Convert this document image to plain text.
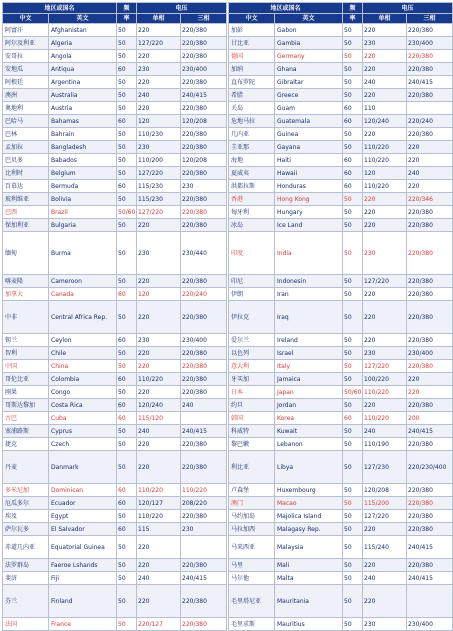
地区或国名		频	电压	
中文	英文	率	单相	三相
阿富汗	Afghanistan	50	220	220/380
阿尔及利亚	Algeria	50	127/220	220/380
安哥拉	Angola	50	220	220/380
安地瓜	Antiqua	60	230	230/400
阿根廷	Argentina	50	220	220/380
澳洲	Australia	50	240	240/415
奥地利	Austria	50	220	220/380
巴哈马	Bahamas	60	120	120/208
巴林	Bahrain	50	110/230	220/380
孟加拉	Bangladesh	50	230	220/380
巴贝多	Babados	50	110/200	120/208
比利时	Belgium	50	127/220	220/380
百慕达	Bermuda	60	115/230	230
玻利维亚	Bolivia	50	115/230	220/380
巴西	Brazil	50/60	127/220	220/380
保加利亚	Bulgaria	50	220	220/380
缅甸	Burma	50	230	230/440
喀麦隆	Cameroon	50	220	220/380
加拿大	Canada	60	120	220/240
中非	Central Africa Rep.	50	220	220/380
锡兰	Ceylon	60	230	230/400
智利	Chile	50	220	220/380
中国	China	50	220	220/380
哥伦比亚	Colombia	60	110/220	220/380
刚果	Congo	50	220	220/380
哥斯达黎加	Costa Rica	60	120/240	240
古巴	Cuba	60	115/120	
塞浦路斯	Cyprus	50	240	240/415
捷克	Czech	50	220	220/380
丹麦	Danmark	50	220	220/380
多米尼加	Dominican	60	110/220	110/220
厄瓜多尔	Ecuador	60	120/127	208/220
埃及	Egypt	50	110/220	220/380
萨尔瓦多	El Salvador	60	115	230
赤道几内亚	Equatorial Guinea	50	220	
法罗群岛	Faeroe Lshands	50	220	220/380
斐济	Fiji	50	240	240/415
芬兰	Finland	50	220	220/380
法国	France	50	220/127	220/380
地区或国名		频	电压	
中文	英文	率	单相	三相
加彭	Gabon	50	220	220/380
甘比亚	Gambia	50	230	230/400
德国	Germany	50	220	220/380
加纳	Ghana	50	220	220/380
直布罗陀	Gibraltar	50	240	240/415
希腊	Greece	50	220	220/380
关岛	Guam	60	110	
危地马拉	Guatemala	60	120/240	220/240
几内亚	Guinea	50	220	220/380
圭亚那	Gayana	50	110/220	220
海地	Haiti	60	110/220	220
夏威夷	Hawaii	60	120	240
洪都拉斯	Honduras	60	110/220	220
香港	Hong Kong	50	220	220/346
匈牙利	Hungary	50	220	220/380
冰岛	Ice Land	50	220	220/380
印度	India	50	230	220/380
印尼	Indonesin	50	127/220	220/380
伊朗	Iran	50	220	220/380
伊拉克	Iraq	50	220	220/380
爱尔兰	Ireland	50	220	220/380
以色列	Israel	50	230	230/400
意大利	Italy	50	127/220	220/380
牙买加	Jamaica	50	100/220	220
日本	Japan	50/60	110/220	220
约旦	Jordan	50	220	220/380
韩国	Korea	60	110/220	200
科威特	Kuwait	50	240	240/415
黎巴嫩	Lebanon	50	110/190	220/380
利比亚	Libya	50	127/230	220/230/400
卢森堡	Huxembourg	50	120/208	220/380
澳门	Macao	50	115/200	220/380
马约加岛	Majolica Island	50	127/220	220/380
马拉加西	Malagasy Rep.	50	220	220/380
马来西亚	Malaysia	50	115/240	240/415
马里	Mali	50	220	220/380
马尔他	Malta	50	240	240/415
毛里塔尼亚	Mauritania	50	220	
毛里求斯	Mauritius	50	230	230/400
